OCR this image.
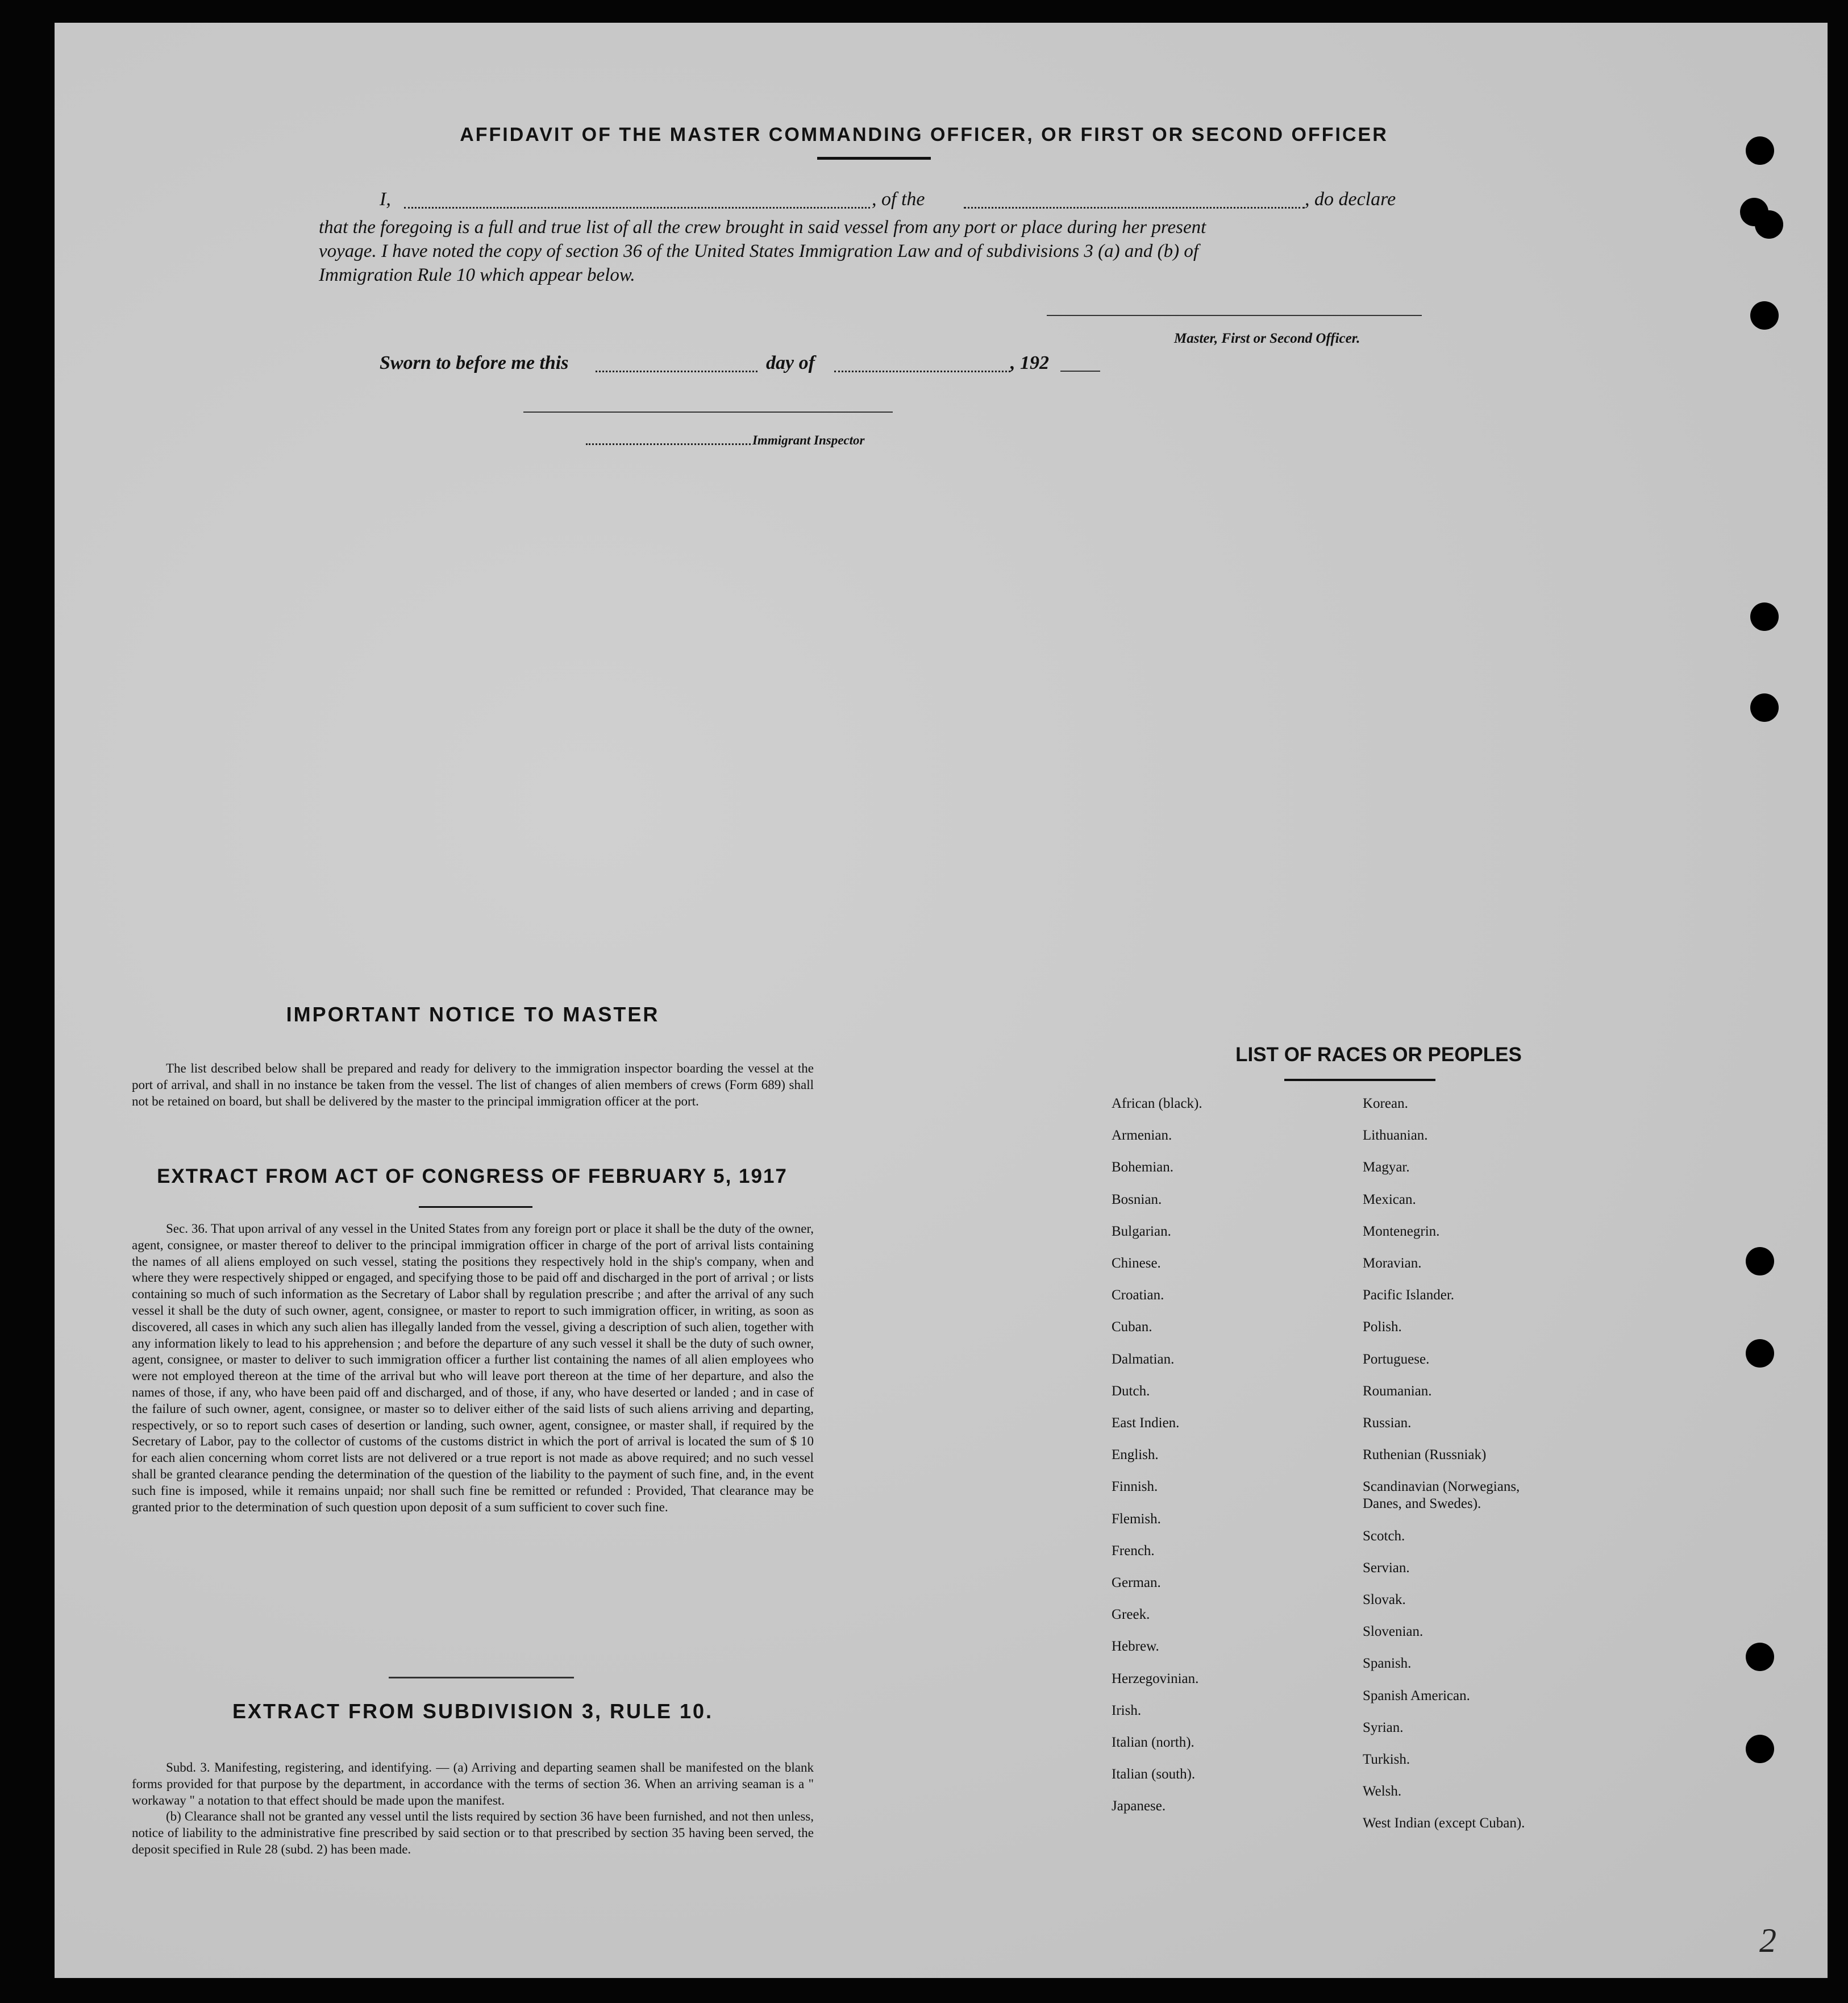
AFFIDAVIT OF THE MASTER COMMANDING OFFICER, OR FIRST OR SECOND OFFICER
I,	, of the	, do declare
that the foregoing is a full and true list of all the crew brought in said vessel from any port or place during her present
voyage. I have noted the copy of section 36 of the United States Immigration Law and of subdivisions 3 (a) and (b) of
Immigration Rule 10 which appear below.
Master, First or Second Officer.
Sworn to before me this	day of	, 192
Immigrant Inspector
IMPORTANT NOTICE TO MASTER

The list described below shall be prepared and ready for delivery to the immigration inspector boarding the vessel at the port of arrival, and shall in no instance be taken from the vessel. The list of changes of alien members of crews (Form 689) shall not be retained on board, but shall be delivered by the master to the principal immigration officer at the port.

EXTRACT FROM ACT OF CONGRESS OF FEBRUARY 5, 1917

Sec. 36. That upon arrival of any vessel in the United States from any foreign port or place it shall be the duty of the owner, agent, consignee, or master thereof to deliver to the principal immigration officer in charge of the port of arrival lists containing the names of all aliens employed on such vessel, stating the positions they respectively hold in the ship's company, when and where they were respectively shipped or engaged, and specifying those to be paid off and discharged in the port of arrival ; or lists containing so much of such information as the Secretary of Labor shall by regulation prescribe ; and after the arrival of any such vessel it shall be the duty of such owner, agent, consignee, or master to report to such immigration officer, in writing, as soon as discovered, all cases in which any such alien has illegally landed from the vessel, giving a description of such alien, together with any information likely to lead to his apprehension ; and before the departure of any such vessel it shall be the duty of such owner, agent, consignee, or master to deliver to such immigration officer a further list containing the names of all alien employees who were not employed thereon at the time of the arrival but who will leave port thereon at the time of her departure, and also the names of those, if any, who have been paid off and discharged, and of those, if any, who have deserted or landed ; and in case of the failure of such owner, agent, consignee, or master so to deliver either of the said lists of such aliens arriving and departing, respectively, or so to report such cases of desertion or landing, such owner, agent, consignee, or master shall, if required by the Secretary of Labor, pay to the collector of customs of the customs district in which the port of arrival is located the sum of $ 10 for each alien concerning whom corret lists are not delivered or a true report is not made as above required; and no such vessel shall be granted clearance pending the determination of the question of the liability to the payment of such fine, and, in the event such fine is imposed, while it remains unpaid; nor shall such fine be remitted or refunded : Provided, That clearance may be granted prior to the determination of such question upon deposit of a sum sufficient to cover such fine.

EXTRACT FROM SUBDIVISION 3, RULE 10.

Subd. 3. Manifesting, registering, and identifying. — (a) Arriving and departing seamen shall be manifested on the blank forms provided for that purpose by the department, in accordance with the terms of section 36. When an arriving seaman is a " workaway " a notation to that effect should be made upon the manifest.

(b) Clearance shall not be granted any vessel until the lists required by section 36 have been furnished, and not then unless, notice of liability to the administrative fine prescribed by said section or to that prescribed by section 35 having been served, the deposit specified in Rule 28 (subd. 2) has been made.

LIST OF RACES OR PEOPLES
African (black).
Armenian.
Bohemian.
Bosnian.
Bulgarian.
Chinese.
Croatian.
Cuban.
Dalmatian.
Dutch.
East Indien.
English.
Finnish.
Flemish.
French.
German.
Greek.
Hebrew.
Herzegovinian.
Irish.
Italian (north).
Italian (south).
Japanese.
Korean.
Lithuanian.
Magyar.
Mexican.
Montenegrin.
Moravian.
Pacific Islander.
Polish.
Portuguese.
Roumanian.
Russian.
Ruthenian (Russniak)
Scandinavian (Norwegians,
Danes, and Swedes).
Scotch.
Servian.
Slovak.
Slovenian.
Spanish.
Spanish American.
Syrian.
Turkish.
Welsh.
West Indian (except Cuban).
2
